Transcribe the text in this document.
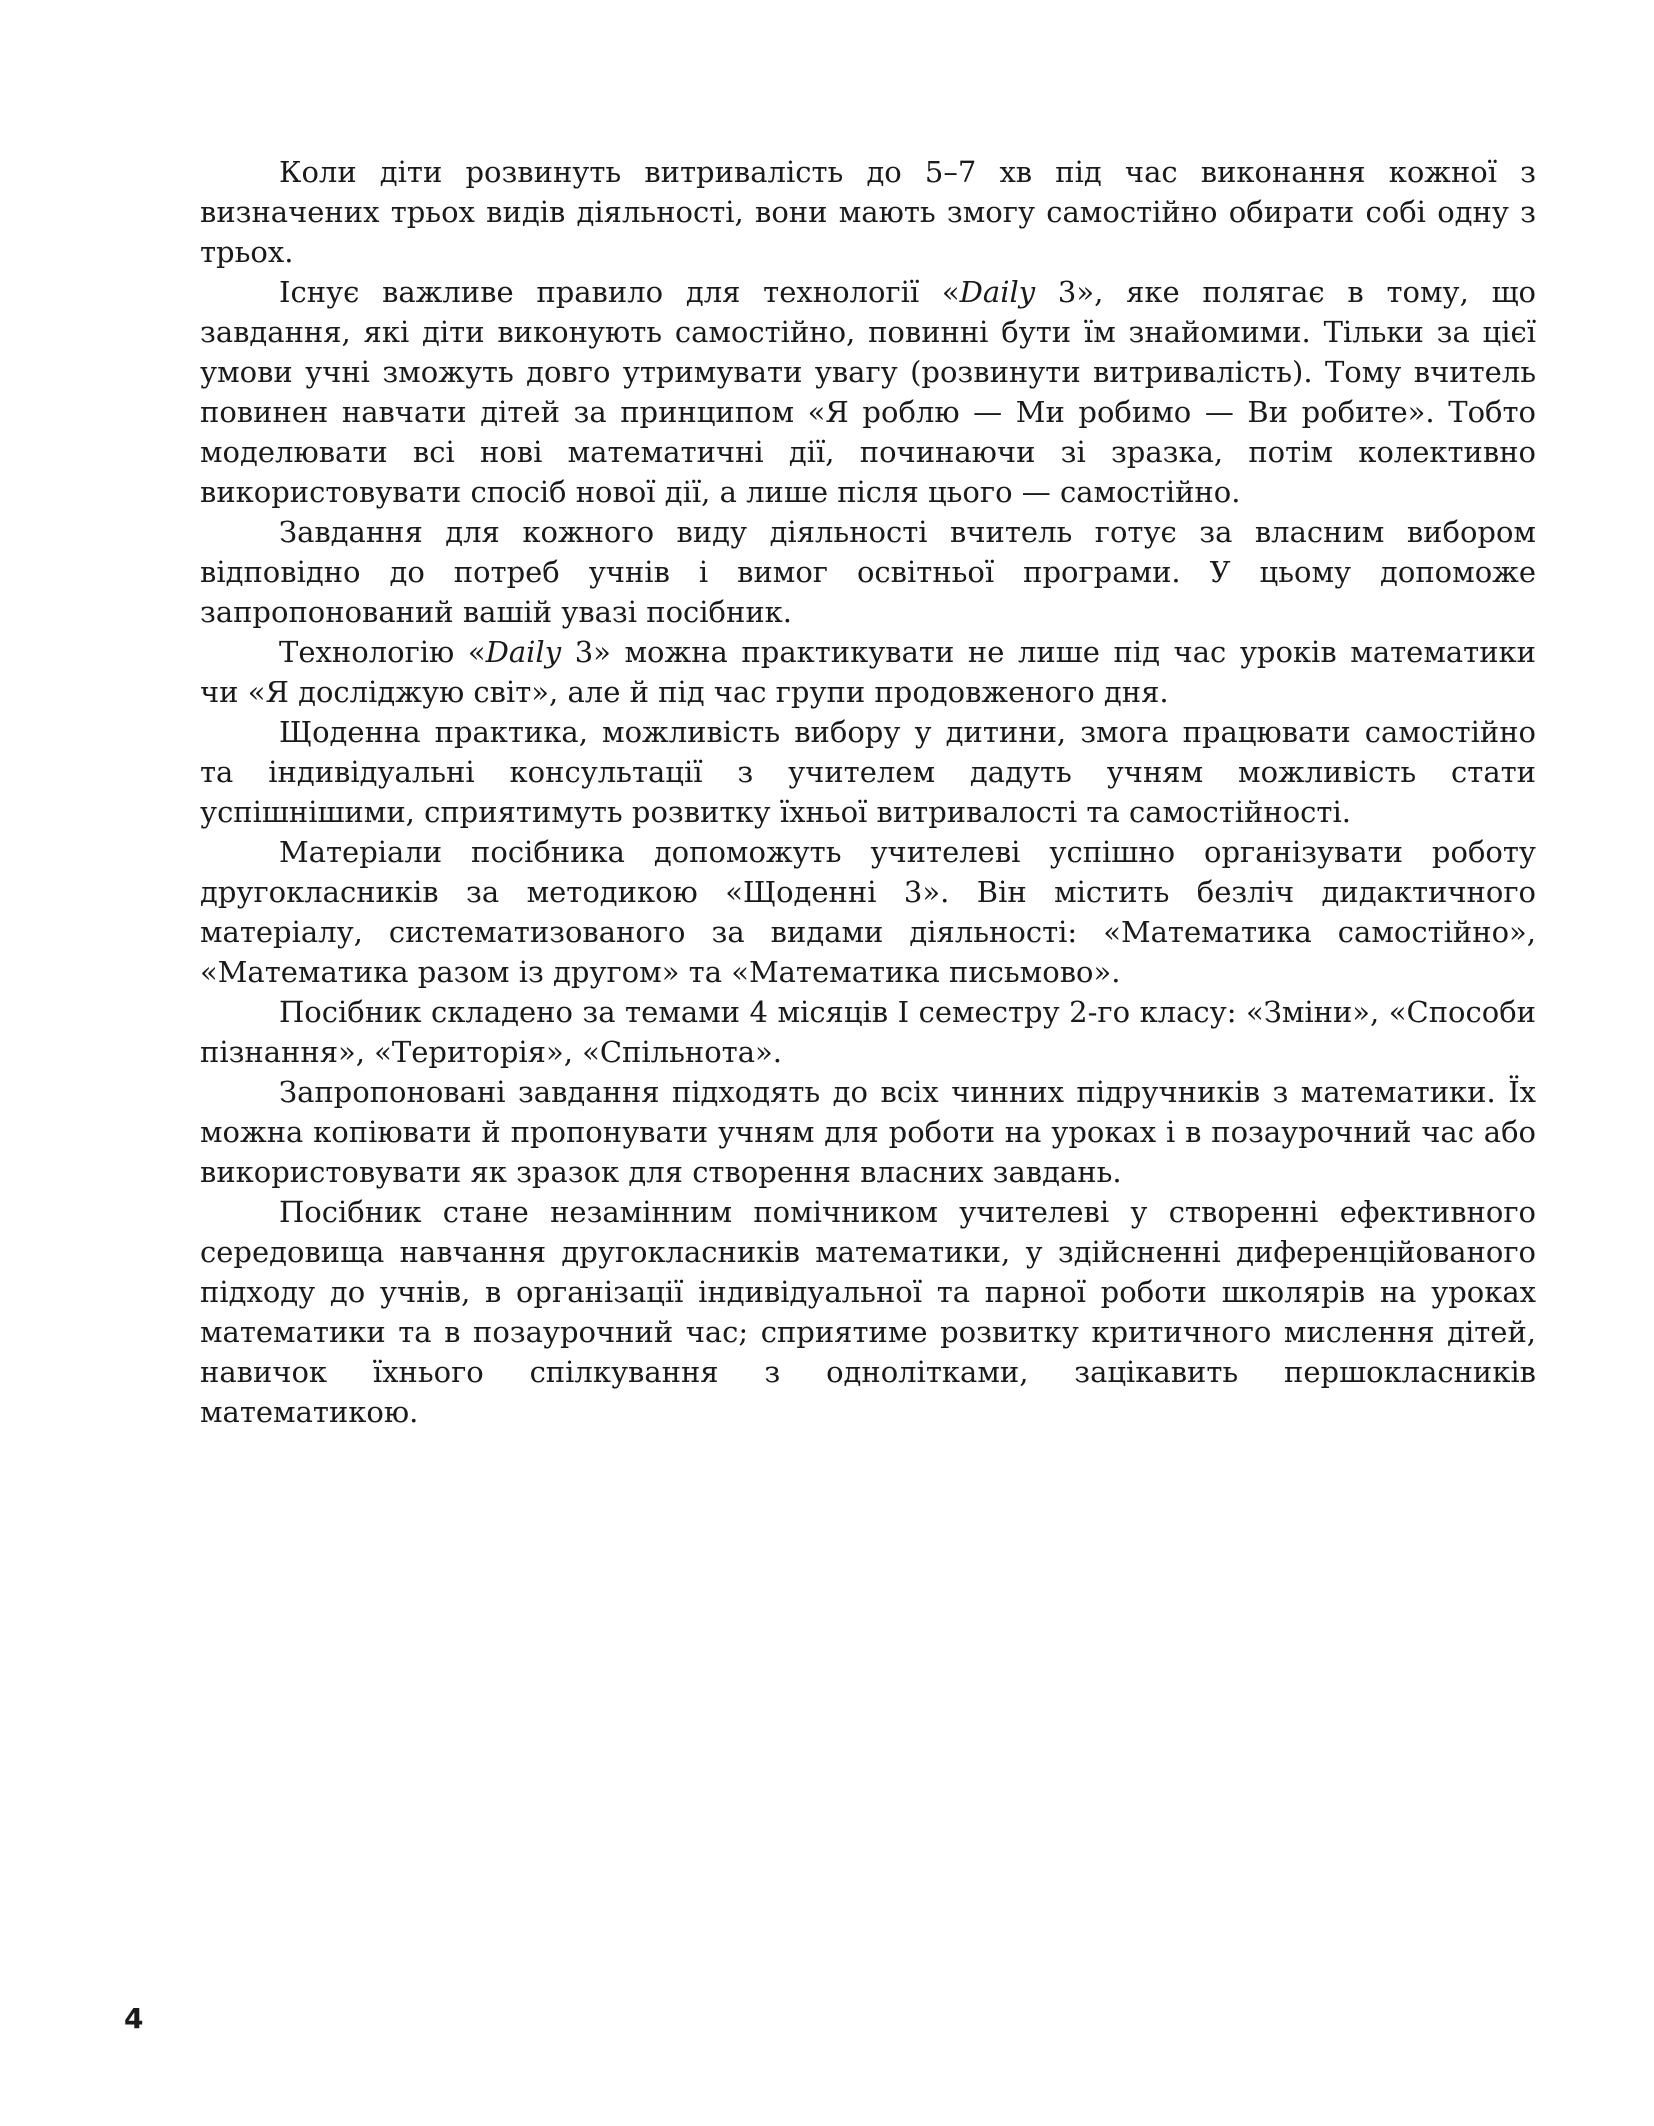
Коли діти розвинуть витривалість до 5–7 хв під час виконання кожної з визначених трьох видів діяльності, вони мають змогу самостійно обирати собі одну з трьох.

Існує важливе правило для технології «Daily 3», яке полягає в тому, що завдання, які діти виконують самостійно, повинні бути їм знайомими. Тільки за цієї умови учні зможуть довго утримувати увагу (розвинути витривалість). Тому вчитель повинен навчати дітей за принципом «Я роблю — Ми робимо — Ви робите». Тобто моделювати всі нові математичні дії, починаючи зі зразка, потім колективно використовувати спосіб нової дії, а лише після цього — самостійно.

Завдання для кожного виду діяльності вчитель готує за власним вибором відповідно до потреб учнів і вимог освітньої програми. У цьому допоможе запропонований вашій увазі посібник.

Технологію «Daily 3» можна практикувати не лише під час уроків математики чи «Я досліджую світ», але й під час групи продовженого дня.

Щоденна практика, можливість вибору у дитини, змога працювати самостійно та індивідуальні консультації з учителем дадуть учням можливість стати успішнішими, сприятимуть розвитку їхньої витривалості та самостійності.

Матеріали посібника допоможуть учителеві успішно організувати роботу другокласників за методикою «Щоденні 3». Він містить безліч дидактичного матеріалу, систематизованого за видами діяльності: «Математика самостійно», «Математика разом із другом» та «Математика письмово».

Посібник складено за темами 4 місяців І семестру 2-го класу: «Зміни», «Способи пізнання», «Територія», «Спільнота».

Запропоновані завдання підходять до всіх чинних підручників з математики. Їх можна копіювати й пропонувати учням для роботи на уроках і в позаурочний час або використовувати як зразок для створення власних завдань.

Посібник стане незамінним помічником учителеві у створенні ефективного середовища навчання другокласників математики, у здійсненні диференційованого підходу до учнів, в організації індивідуальної та парної роботи школярів на уроках математики та в позаурочний час; сприятиме розвитку критичного мислення дітей, навичок їхнього спілкування з однолітками, зацікавить першокласників математикою.

4
